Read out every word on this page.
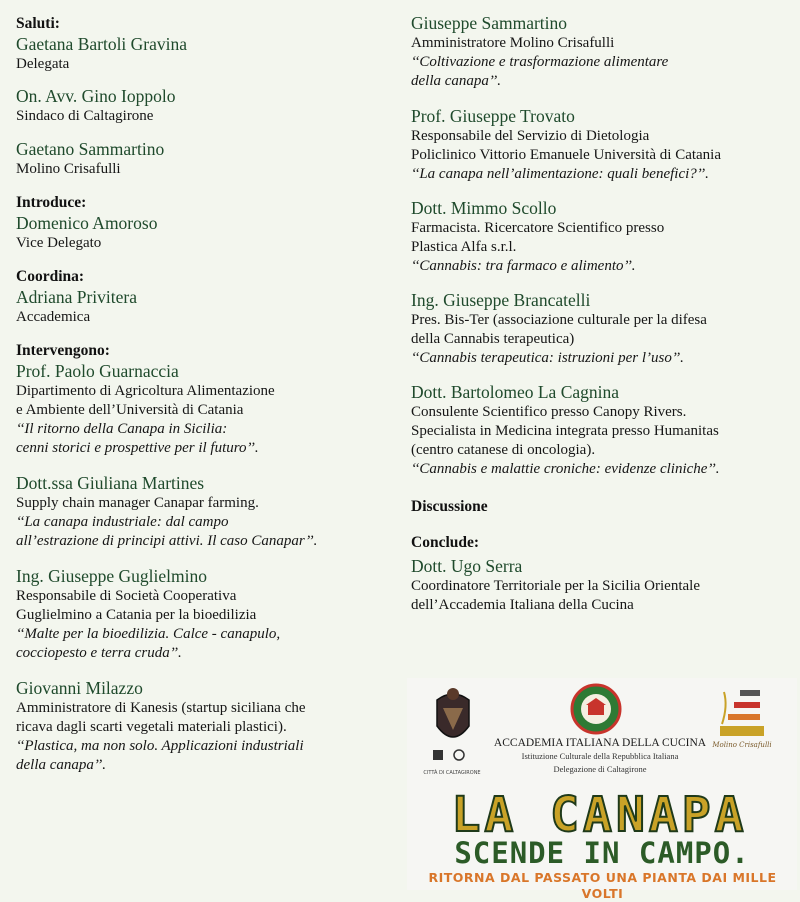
Saluti:
Gaetana Bartoli Gravina
Delegata
On. Avv. Gino Ioppolo
Sindaco di Caltagirone
Gaetano Sammartino
Molino Crisafulli
Introduce:
Domenico Amoroso
Vice Delegato
Coordina:
Adriana Privitera
Accademica
Intervengono:
Prof. Paolo Guarnaccia
Dipartimento di Agricoltura Alimentazione
e Ambiente dell’Università di Catania
‘‘Il ritorno della Canapa in Sicilia:
cenni storici e prospettive per il futuro’’.
Dott.ssa Giuliana Martines
Supply chain manager Canapar farming.
‘‘La canapa industriale: dal campo
all’estrazione di principi attivi. Il caso Canapar’’.
Ing. Giuseppe Guglielmino
Responsabile di Società Cooperativa
Guglielmino a Catania per la bioedilizia
‘‘Malte per la bioedilizia. Calce - canapulo,
cocciopesto e terra cruda’’.
Giovanni Milazzo
Amministratore di Kanesis (startup siciliana che
ricava dagli scarti vegetali materiali plastici).
‘‘Plastica, ma non solo. Applicazioni industriali
della canapa’’.
Giuseppe Sammartino
Amministratore Molino Crisafulli
‘‘Coltivazione e trasformazione alimentare
della canapa’’.
Prof. Giuseppe Trovato
Responsabile del Servizio di Dietologia
Policlinico Vittorio Emanuele Università di Catania
‘‘La canapa nell’alimentazione: quali benefici?’’.
Dott. Mimmo Scollo
Farmacista. Ricercatore Scientifico presso
Plastica Alfa s.r.l.
‘‘Cannabis: tra farmaco e alimento’’.
Ing. Giuseppe Brancatelli
Pres. Bis-Ter (associazione culturale per la difesa
della Cannabis terapeutica)
‘‘Cannabis terapeutica: istruzioni per l’uso’’.
Dott. Bartolomeo La Cagnina
Consulente Scientifico presso Canopy Rivers.
Specialista in Medicina integrata presso Humanitas
(centro catanese di oncologia).
‘‘Cannabis e malattie croniche: evidenze cliniche’’.
Discussione
Conclude:
Dott. Ugo Serra
Coordinatore Territoriale per la Sicilia Orientale
dell’Accademia Italiana della Cucina
CITTÀ DI CALTAGIRONE
ACCADEMIA ITALIANA DELLA CUCINA
Istituzione Culturale della Repubblica Italiana
Delegazione di Caltagirone
Molino Crisafulli
LA CANAPA
SCENDE IN CAMPO.
RITORNA DAL PASSATO UNA PIANTA DAI MILLE VOLTI
